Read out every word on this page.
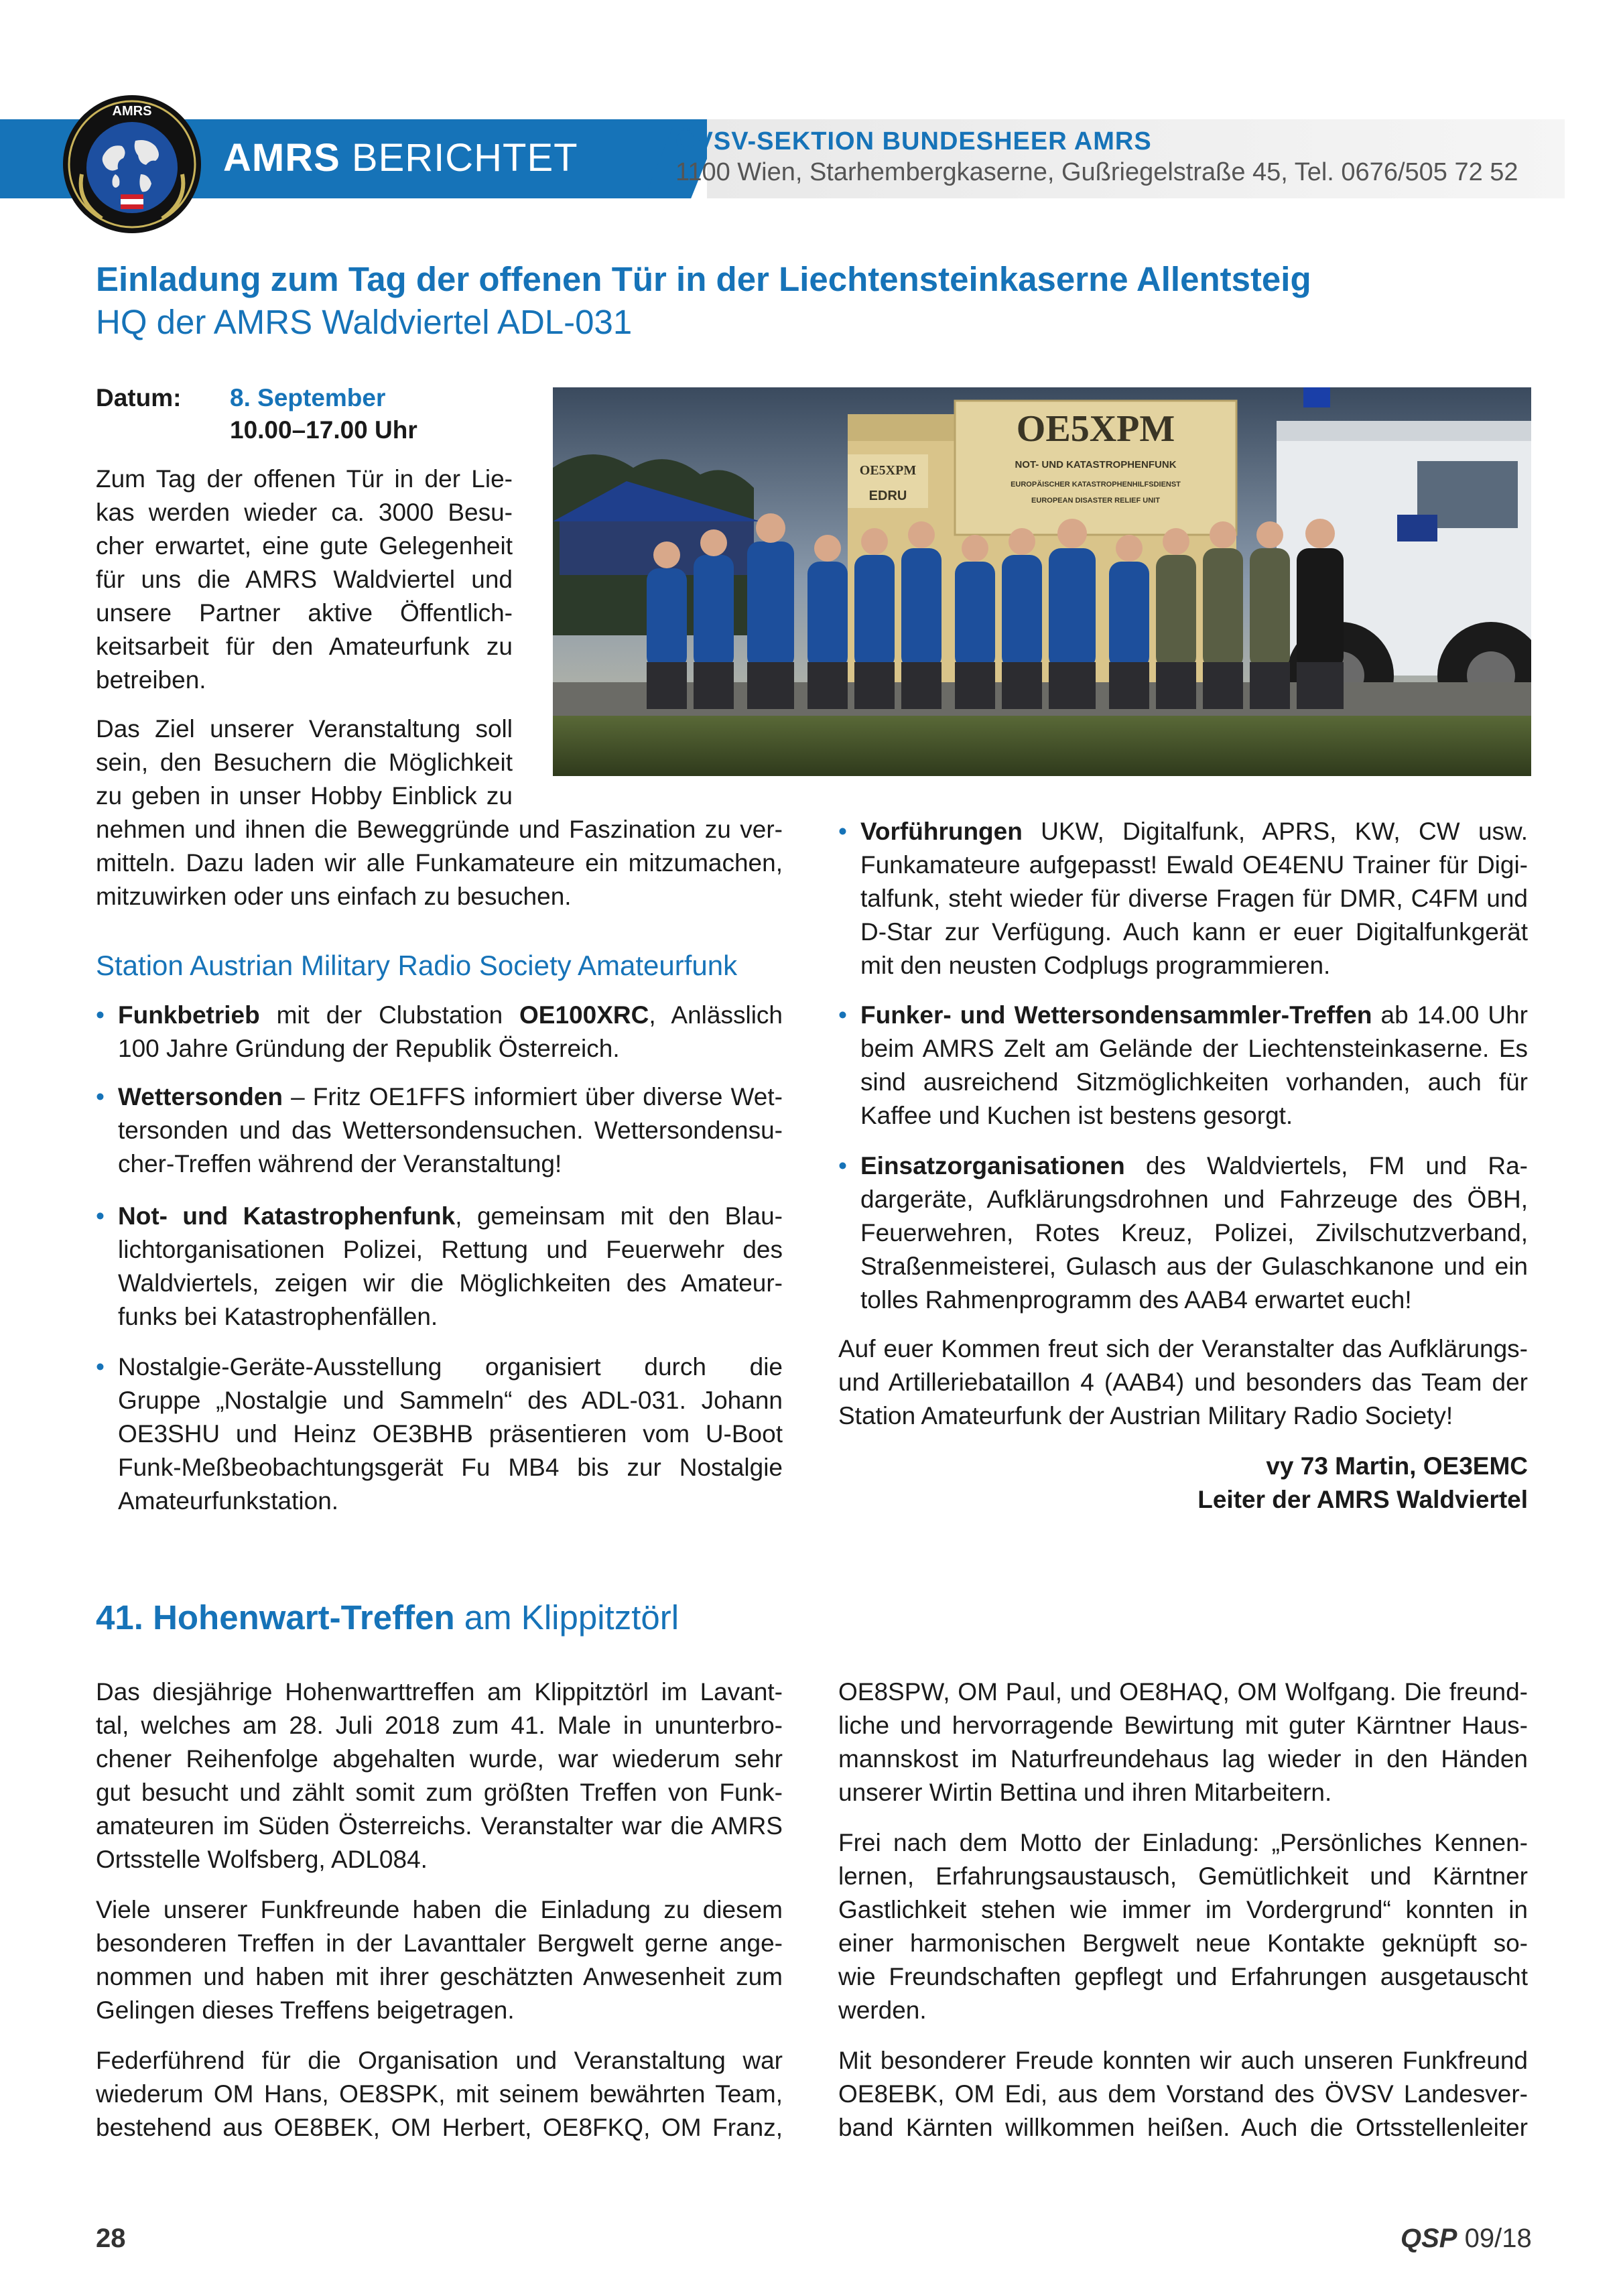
AMRS
AMRS BERICHTET	ÖVSV-SEKTION BUNDESHEER AMRS
1100 Wien, Starhembergkaserne, Gußriegelstraße 45, Tel. 0676/505 72 52
Einladung zum Tag der offenen Tür in der Liechtensteinkaserne Allentsteig
HQ der AMRS Waldviertel ADL-031
Datum: 8. September
10.00–17.00 Uhr
Zum Tag der offenen Tür in der Lie-
kas werden wieder ca. 3000 Besu-
cher erwartet, eine gute Gelegenheit
für uns die AMRS Waldviertel und
unsere Partner aktive Öffentlich-
keitsarbeit für den Amateurfunk zu
betreiben.
Das Ziel unserer Veranstaltung soll
sein, den Besuchern die Möglichkeit
zu geben in unser Hobby Einblick zu
nehmen und ihnen die Beweggründe und Faszination zu ver-
mitteln. Dazu laden wir alle Funkamateure ein mitzumachen,
mitzuwirken oder uns einfach zu besuchen.
OE5XPM
EDRU
OE5XPM
NOT- UND KATASTROPHENFUNK
EUROPÄISCHER KATASTROPHENHILFSDIENST
EUROPEAN DISASTER RELIEF UNIT
Station Austrian Military Radio Society Amateurfunk
• Funkbetrieb mit der Clubstation OE100XRC, Anlässlich
100 Jahre Gründung der Republik Österreich.
• Wettersonden – Fritz OE1FFS informiert über diverse Wet-
tersonden und das Wettersondensuchen. Wettersondensu-
cher-Treffen während der Veranstaltung!
• Not- und Katastrophenfunk, gemeinsam mit den Blau-
lichtorganisationen Polizei, Rettung und Feuerwehr des
Waldviertels, zeigen wir die Möglichkeiten des Amateur-
funks bei Katastrophenfällen.
• Nostalgie-Geräte-Ausstellung organisiert durch die
Gruppe „Nostalgie und Sammeln“ des ADL-031. Johann
OE3SHU und Heinz OE3BHB präsentieren vom U-Boot
Funk-Meßbeobachtungsgerät Fu MB4 bis zur Nostalgie
Amateurfunkstation.
• Vorführungen UKW, Digitalfunk, APRS, KW, CW usw.
Funkamateure aufgepasst! Ewald OE4ENU Trainer für Digi-
talfunk, steht wieder für diverse Fragen für DMR, C4FM und
D-Star zur Verfügung. Auch kann er euer Digitalfunkgerät
mit den neusten Codplugs programmieren.
• Funker- und Wettersondensammler-Treffen ab 14.00 Uhr
beim AMRS Zelt am Gelände der Liechtensteinkaserne. Es
sind ausreichend Sitzmöglichkeiten vorhanden, auch für
Kaffee und Kuchen ist bestens gesorgt.
• Einsatzorganisationen des Waldviertels, FM und Ra-
dargeräte, Aufklärungsdrohnen und Fahrzeuge des ÖBH,
Feuerwehren, Rotes Kreuz, Polizei, Zivilschutzverband,
Straßenmeisterei, Gulasch aus der Gulaschkanone und ein
tolles Rahmenprogramm des AAB4 erwartet euch!
Auf euer Kommen freut sich der Veranstalter das Aufklärungs-
und Artilleriebataillon 4 (AAB4) und besonders das Team der
Station Amateurfunk der Austrian Military Radio Society!
vy 73 Martin, OE3EMC
Leiter der AMRS Waldviertel
41. Hohenwart-Treffen am Klippitztörl
Das diesjährige Hohenwarttreffen am Klippitztörl im Lavant-
tal, welches am 28. Juli 2018 zum 41. Male in ununterbro-
chener Reihenfolge abgehalten wurde, war wiederum sehr
gut besucht und zählt somit zum größten Treffen von Funk-
amateuren im Süden Österreichs. Veranstalter war die AMRS
Ortsstelle Wolfsberg, ADL084.
Viele unserer Funkfreunde haben die Einladung zu diesem
besonderen Treffen in der Lavanttaler Bergwelt gerne ange-
nommen und haben mit ihrer geschätzten Anwesenheit zum
Gelingen dieses Treffens beigetragen.
Federführend für die Organisation und Veranstaltung war
wiederum OM Hans, OE8SPK, mit seinem bewährten Team,
bestehend aus OE8BEK, OM Herbert, OE8FKQ, OM Franz,
OE8SPW, OM Paul, und OE8HAQ, OM Wolfgang. Die freund-
liche und hervorragende Bewirtung mit guter Kärntner Haus-
mannskost im Naturfreundehaus lag wieder in den Händen
unserer Wirtin Bettina und ihren Mitarbeitern.
Frei nach dem Motto der Einladung: „Persönliches Kennen-
lernen, Erfahrungsaustausch, Gemütlichkeit und Kärntner
Gastlichkeit stehen wie immer im Vordergrund“ konnten in
einer harmonischen Bergwelt neue Kontakte geknüpft so-
wie Freundschaften gepflegt und Erfahrungen ausgetauscht
werden.
Mit besonderer Freude konnten wir auch unseren Funkfreund
OE8EBK, OM Edi, aus dem Vorstand des ÖVSV Landesver-
band Kärnten willkommen heißen. Auch die Ortsstellenleiter
28	QSP 09/18
